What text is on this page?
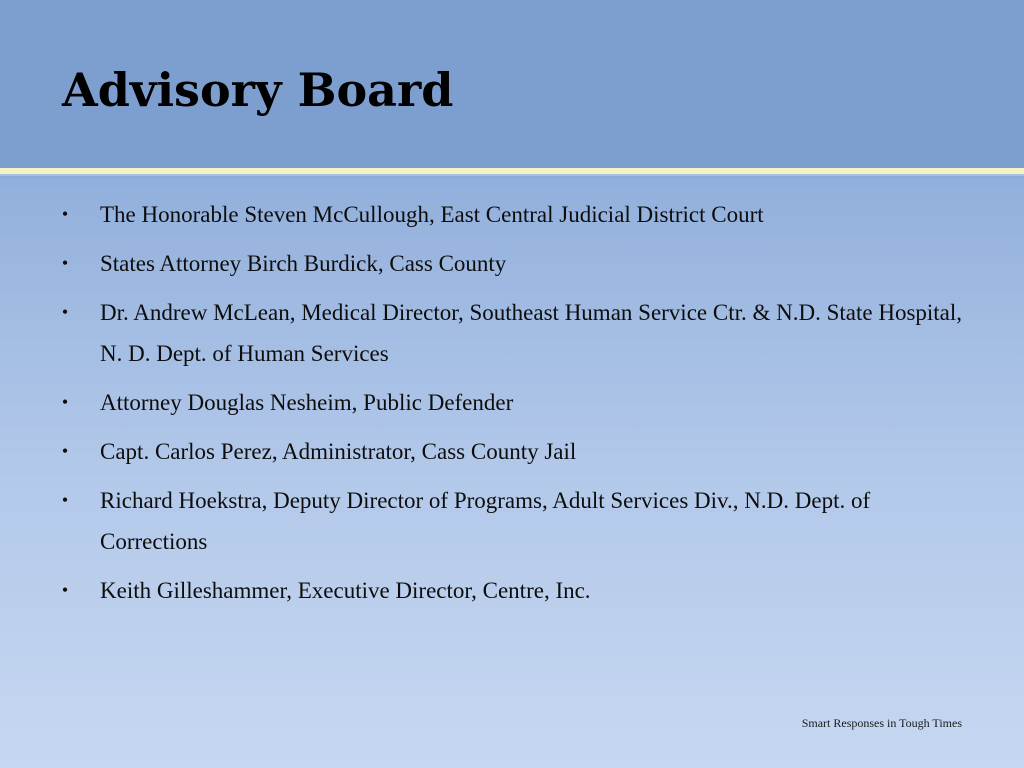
Advisory Board
• The Honorable Steven McCullough, East Central Judicial District Court
• States Attorney Birch Burdick, Cass County
• Dr. Andrew McLean, Medical Director, Southeast Human Service Ctr. & N.D. State Hospital, N. D. Dept. of Human Services
• Attorney Douglas Nesheim, Public Defender
• Capt. Carlos Perez, Administrator, Cass County Jail
• Richard Hoekstra, Deputy Director of Programs, Adult Services Div., N.D. Dept. of Corrections
• Keith Gilleshammer, Executive Director, Centre, Inc.
Smart Responses in Tough Times
